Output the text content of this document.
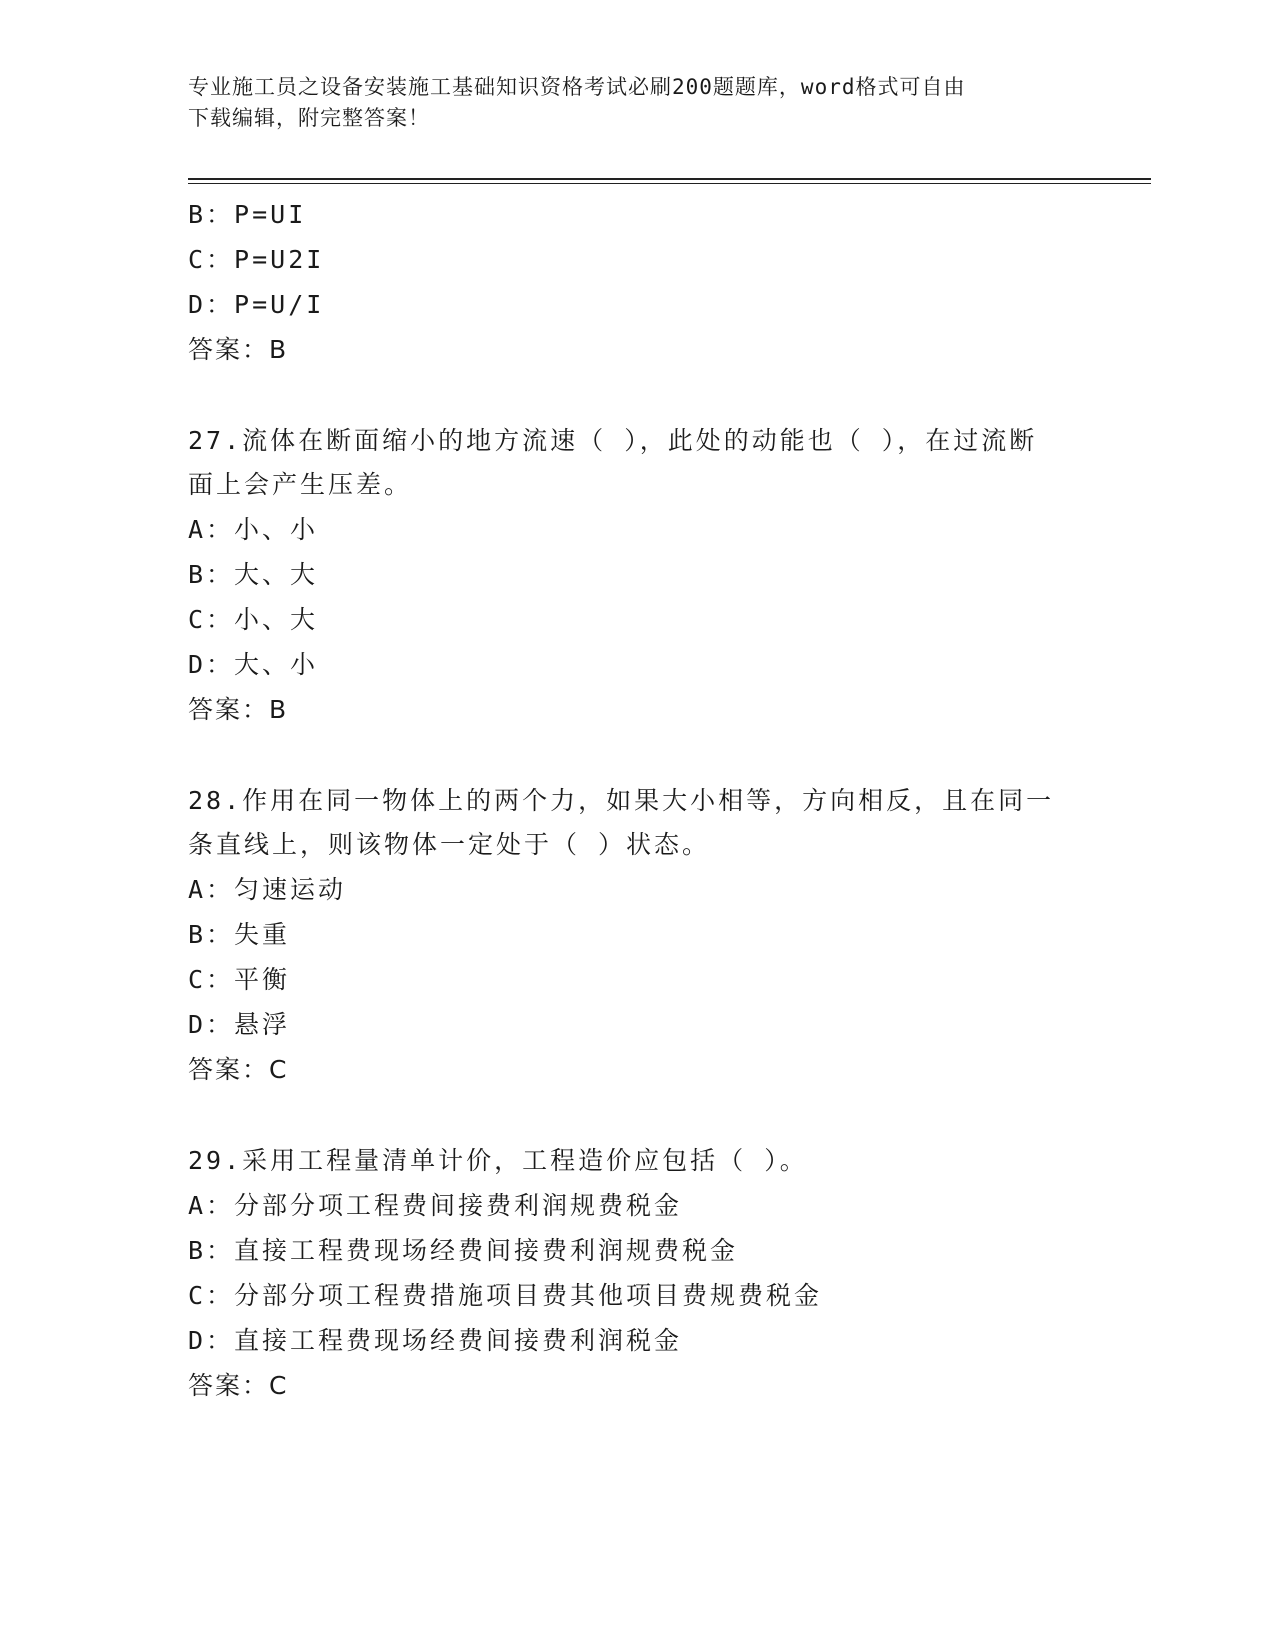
专业施工员之设备安装施工基础知识资格考试必刷200题题库，word格式可自由
下载编辑，附完整答案！
B：P=UI
C：P=U2I
D：P=U/I
答案：B
27.流体在断面缩小的地方流速（ ），此处的动能也（ ），在过流断
面上会产生压差。
A：小、小
B：大、大
C：小、大
D：大、小
答案：B
28.作用在同一物体上的两个力，如果大小相等，方向相反，且在同一
条直线上，则该物体一定处于（ ）状态。
A：匀速运动
B：失重
C：平衡
D：悬浮
答案：C
29.采用工程量清单计价，工程造价应包括（ ）。
A：分部分项工程费间接费利润规费税金
B：直接工程费现场经费间接费利润规费税金
C：分部分项工程费措施项目费其他项目费规费税金
D：直接工程费现场经费间接费利润税金
答案：C
